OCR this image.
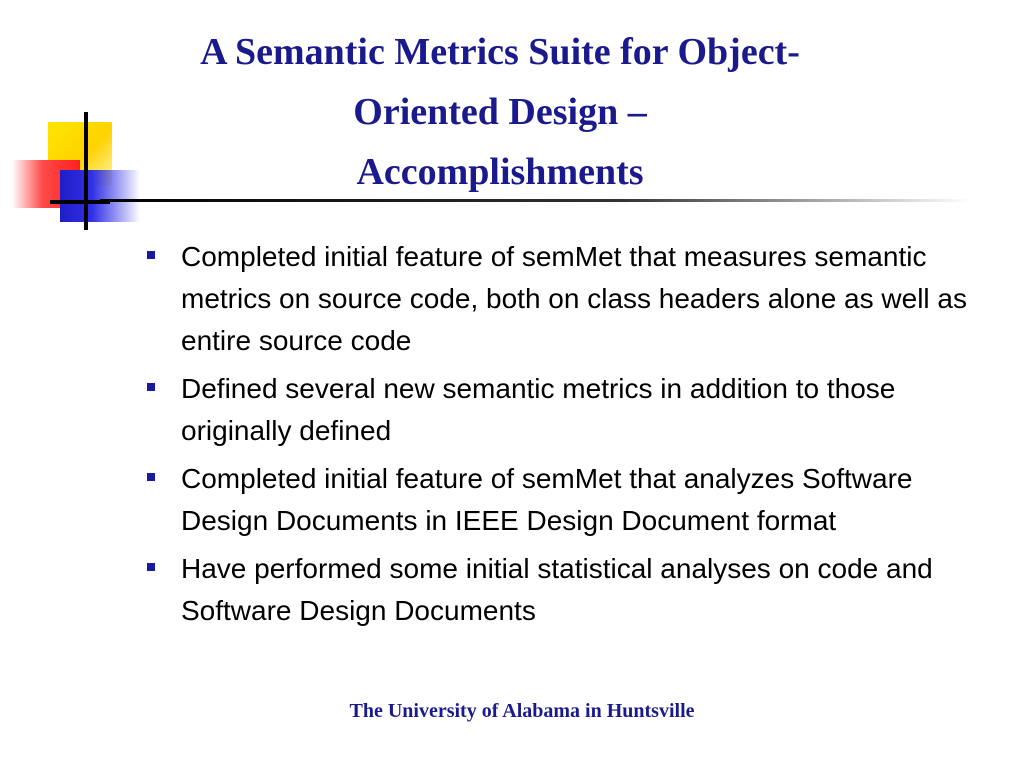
A Semantic Metrics Suite for Object-
Oriented Design –
Accomplishments
Completed initial feature of semMet that measures semantic metrics on source code, both on class headers alone as well as entire source code
Defined several new semantic metrics in addition to those originally defined
Completed initial feature of semMet that analyzes Software Design Documents in IEEE Design Document format
Have performed some initial statistical analyses on code and Software Design Documents
The University of Alabama in Huntsville
